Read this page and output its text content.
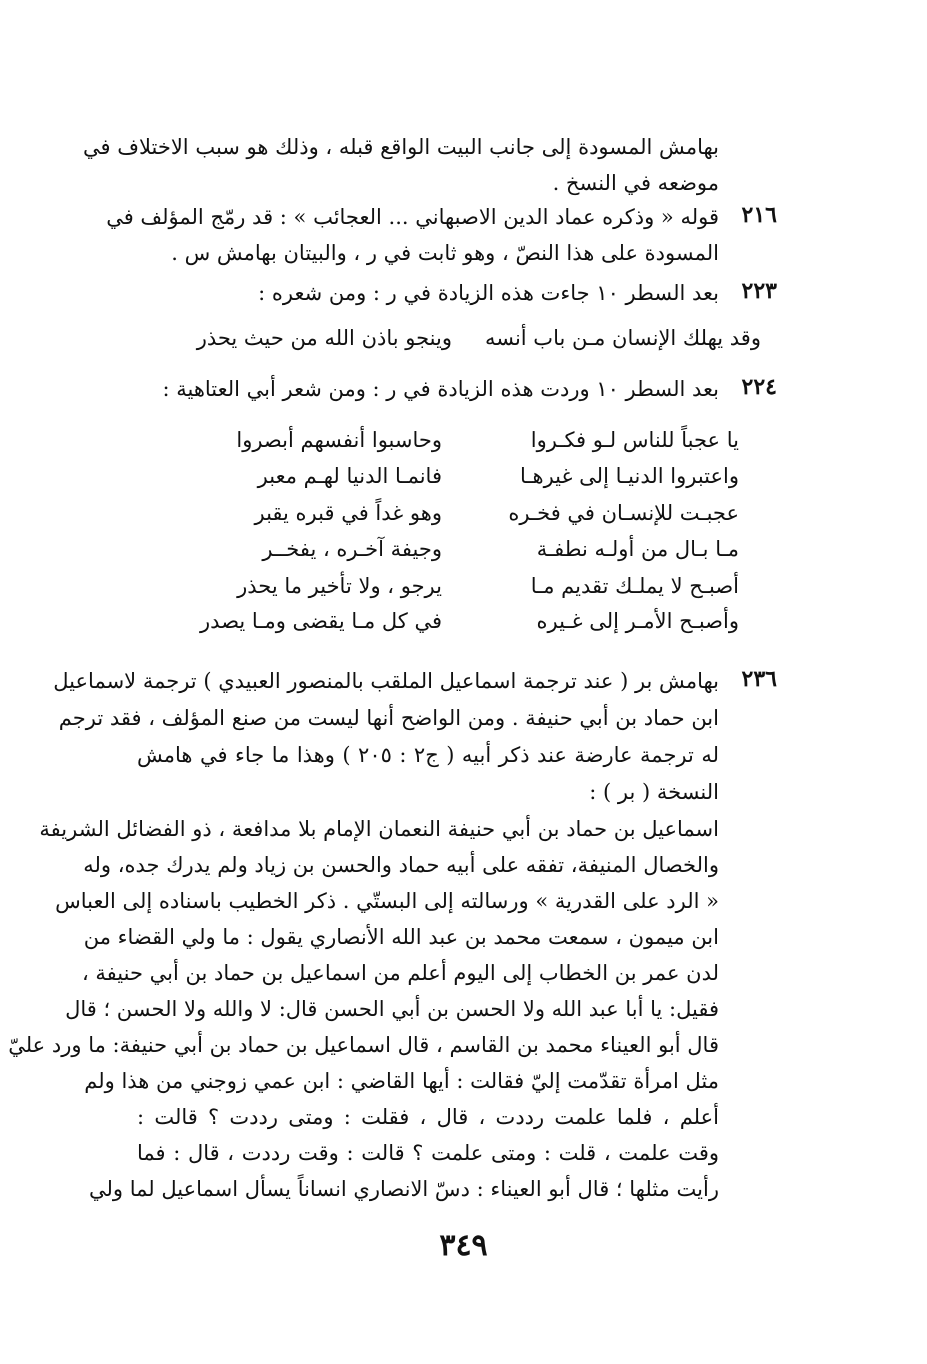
بهامش المسودة إلى جانب البيت الواقع قبله ، وذلك هو سبب الاختلاف في

موضعه في النسخ .

٢١٦

قوله « وذكره عماد الدين الاصبهاني ... العجائب » : قد رمّج المؤلف في

المسودة على هذا النصّ ، وهو ثابت في ر ، والبيتان بهامش س .

٢٢٣

بعد السطر ١٠ جاءت هذه الزيادة في ر : ومن شعره :

وقد يهلك الإنسان مـن باب أنسه
وينجو باذن الله من حيث يحذر
٢٢٤

بعد السطر ١٠ وردت هذه الزيادة في ر : ومن شعر أبي العتاهية :

يا عجباً للناس لـو فكـروا
وحاسبوا أنفسهم أبصروا
واعتبروا الدنيـا إلى غيرهـا
فانمـا الدنيا لهـم معبر
عجبـت للإنسـان في فخـره
وهو غداً في قبره يقبر
مـا بـال من أولـه نطفـة
وجيفة آخـره ، يفخــر
أصبـح لا يملـك تقديم مـا
يرجو ، ولا تأخير ما يحذر
وأصبـح الأمـر إلى غـيره
في كل مـا يقضى ومـا يصدر
٢٣٦

بهامش بر ( عند ترجمة اسماعيل الملقب بالمنصور العبيدي ) ترجمة لاسماعيل

ابن حماد بن أبي حنيفة . ومن الواضح أنها ليست من صنع المؤلف ، فقد ترجم

له ترجمة عارضة عند ذكر أبيه ( ج٢ : ٢٠٥ ) وهذا ما جاء في هامش

النسخة ( بر ) :

اسماعيل بن حماد بن أبي حنيفة النعمان الإمام بلا مدافعة ، ذو الفضائل الشريفة

والخصال المنيفة، تفقه على أبيه حماد والحسن بن زياد ولم يدرك جده، وله

« الرد على القدرية » ورسالته إلى البستّي . ذكر الخطيب باسناده إلى العباس

ابن ميمون ، سمعت محمد بن عبد الله الأنصاري يقول : ما ولي القضاء من

لدن عمر بن الخطاب إلى اليوم أعلم من اسماعيل بن حماد بن أبي حنيفة ،

فقيل: يا أبا عبد الله ولا الحسن بن أبي الحسن قال: لا والله ولا الحسن ؛ قال

قال أبو العيناء محمد بن القاسم ، قال اسماعيل بن حماد بن أبي حنيفة: ما ورد عليّ

مثل امرأة تقدّمت إليّ فقالت : أيها القاضي : ابن عمي زوجني من هذا ولم

أعلم ، فلما علمت رددت ، قال ، فقلت : ومتى رددت ؟ قالت :

وقت علمت ، قلت : ومتى علمت ؟ قالت : وقت رددت ، قال : فما

رأيت مثلها ؛ قال أبو العيناء : دسّ الانصاري انساناً يسأل اسماعيل لما ولي

٣٤٩
